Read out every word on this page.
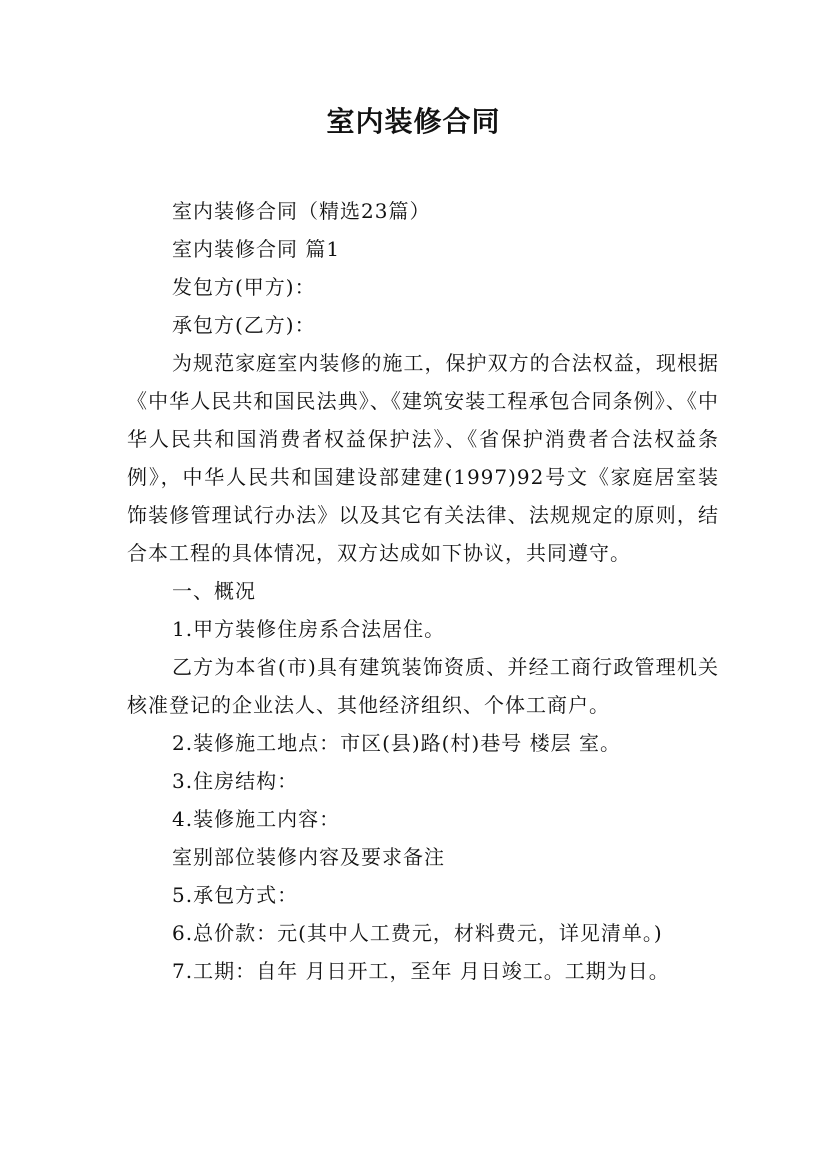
室内装修合同

室内装修合同（精选23篇）

室内装修合同 篇1

发包方(甲方)：

承包方(乙方)：

为规范家庭室内装修的施工，保护双方的合法权益，现根据《中华人民共和国民法典》、《建筑安装工程承包合同条例》、《中华人民共和国消费者权益保护法》、《省保护消费者合法权益条例》，中华人民共和国建设部建建(1997)92号文《家庭居室装饰装修管理试行办法》以及其它有关法律、法规规定的原则，结合本工程的具体情况，双方达成如下协议，共同遵守。

一、概况

1.甲方装修住房系合法居住。

乙方为本省(市)具有建筑装饰资质、并经工商行政管理机关核准登记的企业法人、其他经济组织、个体工商户。

2.装修施工地点：市区(县)路(村)巷号 楼层 室。

3.住房结构：

4.装修施工内容：

室别部位装修内容及要求备注

5.承包方式：

6.总价款：元(其中人工费元，材料费元，详见清单。)

7.工期：自年 月日开工，至年 月日竣工。工期为日。
